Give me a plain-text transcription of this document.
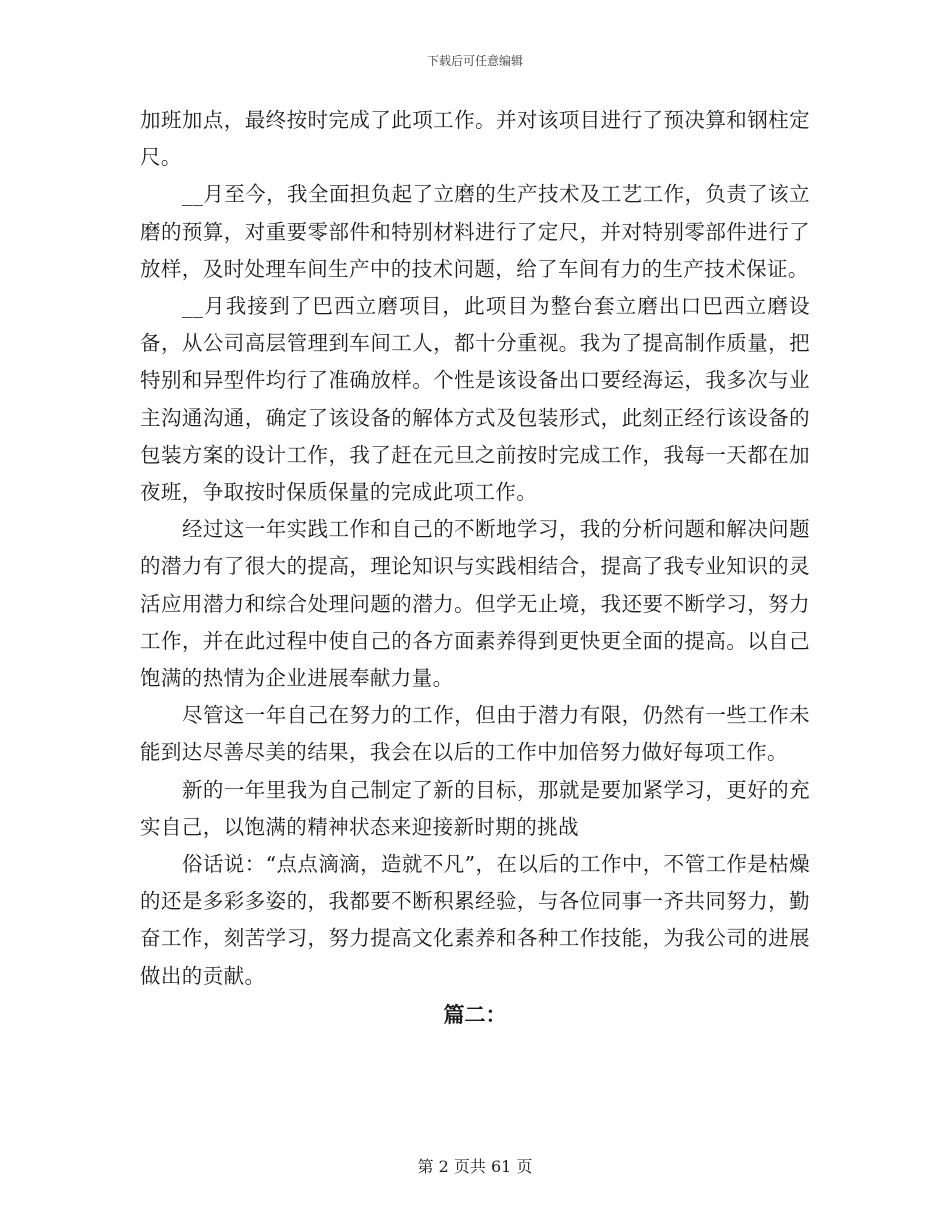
下载后可任意编辑

加班加点，最终按时完成了此项工作。并对该项目进行了预决算和钢柱定尺。

__月至今，我全面担负起了立磨的生产技术及工艺工作，负责了该立磨的预算，对重要零部件和特别材料进行了定尺，并对特别零部件进行了放样，及时处理车间生产中的技术问题，给了车间有力的生产技术保证。

__月我接到了巴西立磨项目，此项目为整台套立磨出口巴西立磨设备，从公司高层管理到车间工人，都十分重视。我为了提高制作质量，把特别和异型件均行了准确放样。个性是该设备出口要经海运，我多次与业主沟通沟通，确定了该设备的解体方式及包装形式，此刻正经行该设备的包装方案的设计工作，我了赶在元旦之前按时完成工作，我每一天都在加夜班，争取按时保质保量的完成此项工作。

经过这一年实践工作和自己的不断地学习，我的分析问题和解决问题的潜力有了很大的提高，理论知识与实践相结合，提高了我专业知识的灵活应用潜力和综合处理问题的潜力。但学无止境，我还要不断学习，努力工作，并在此过程中使自己的各方面素养得到更快更全面的提高。以自己饱满的热情为企业进展奉献力量。

尽管这一年自己在努力的工作，但由于潜力有限，仍然有一些工作未能到达尽善尽美的结果，我会在以后的工作中加倍努力做好每项工作。

新的一年里我为自己制定了新的目标，那就是要加紧学习，更好的充实自己，以饱满的精神状态来迎接新时期的挑战

俗话说：“点点滴滴，造就不凡”，在以后的工作中，不管工作是枯燥的还是多彩多姿的，我都要不断积累经验，与各位同事一齐共同努力，勤奋工作，刻苦学习，努力提高文化素养和各种工作技能，为我公司的进展做出的贡献。

篇二：
第 2 页共 61 页
